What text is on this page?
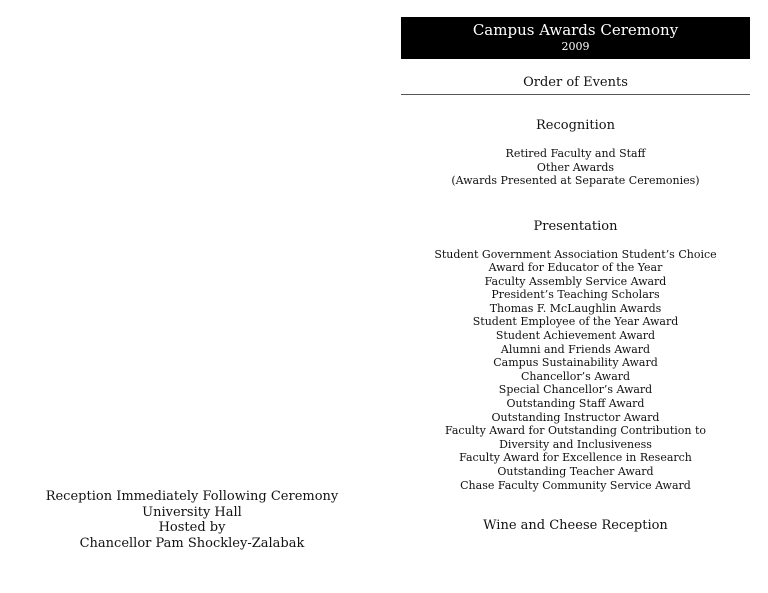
Reception Immediately Following Ceremony
University Hall
Hosted by
Chancellor Pam Shockley-Zalabak
Campus Awards Ceremony
2009
Order of Events
Recognition
Retired Faculty and Staff
Other Awards
(Awards Presented at Separate Ceremonies)
Presentation
Student Government Association Student’s Choice
Award for Educator of the Year
Faculty Assembly Service Award
President’s Teaching Scholars
Thomas F. McLaughlin Awards
Student Employee of the Year Award
Student Achievement Award
Alumni and Friends Award
Campus Sustainability Award
Chancellor’s Award
Special Chancellor’s Award
Outstanding Staff Award
Outstanding Instructor Award
Faculty Award for Outstanding Contribution to
Diversity and Inclusiveness
Faculty Award for Excellence in Research
Outstanding Teacher Award
Chase Faculty Community Service Award
Wine and Cheese Reception
